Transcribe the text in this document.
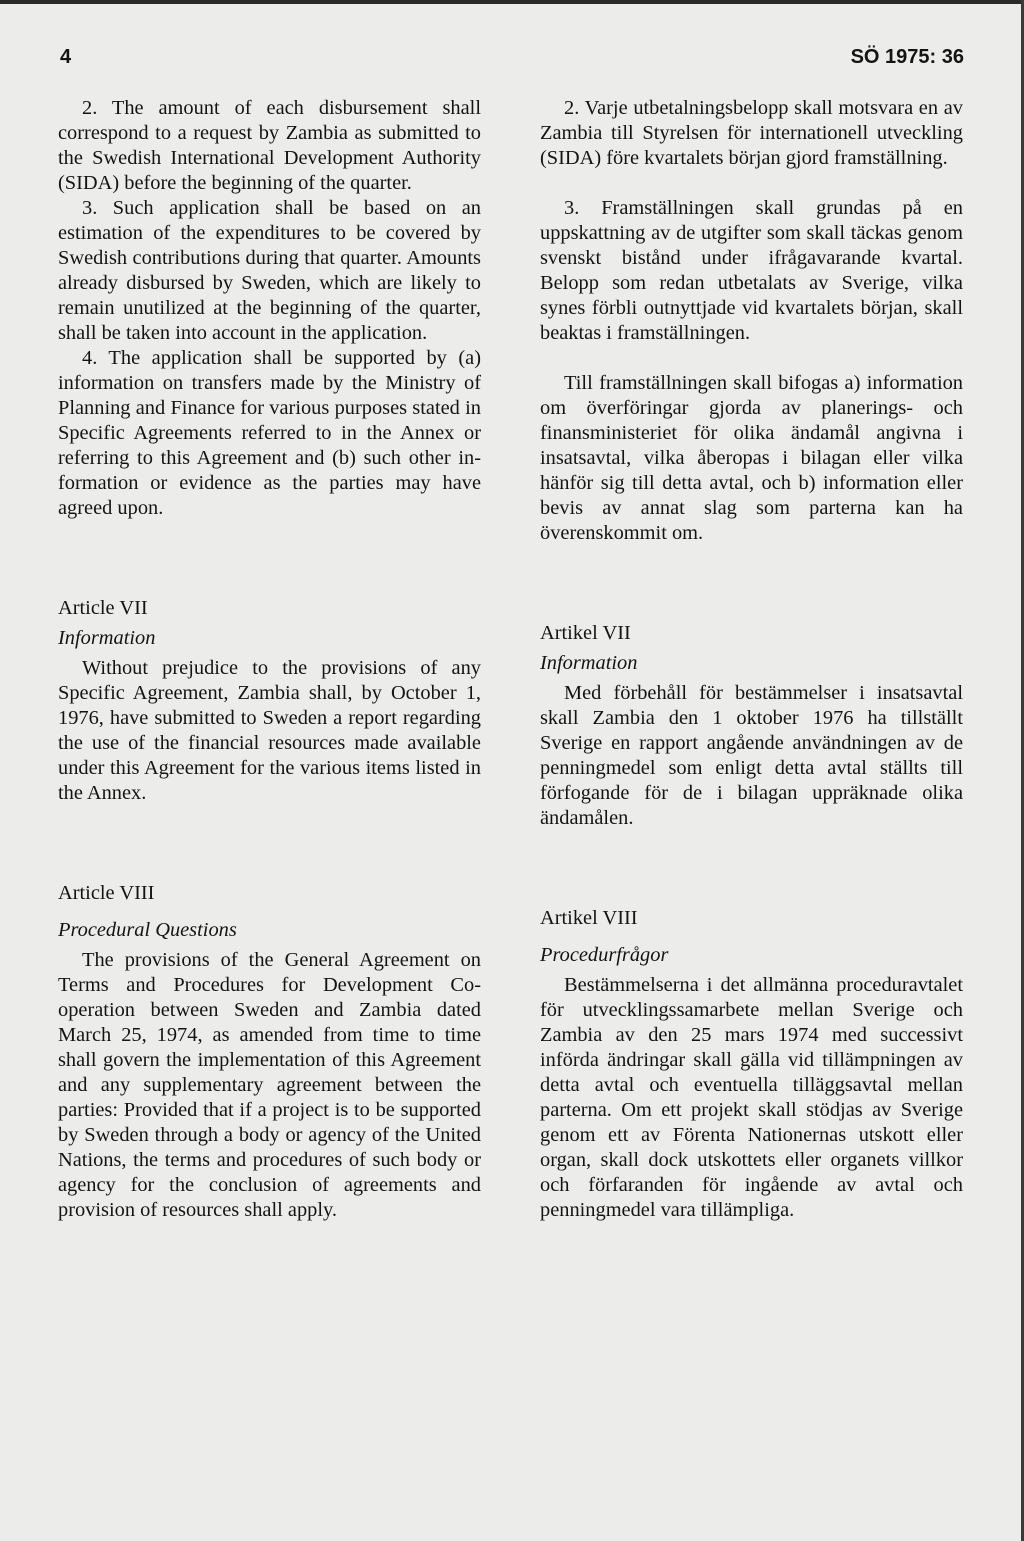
4	SÖ 1975: 36

2. The amount of each disbursement shall correspond to a request by Zambia as submitted to the Swedish International Development Authority (SIDA) before the beginning of the quarter.

3. Such application shall be based on an estimation of the expenditures to be covered by Swedish contributions during that quarter. Amounts already disbursed by Sweden, which are likely to remain unutilized at the beginning of the quarter, shall be taken into account in the application.

4. The application shall be supported by (a) information on transfers made by the Ministry of Planning and Finance for various purposes stated in Specific Agreements referred to in the Annex or referring to this Agreement and (b) such other information or evidence as the parties may have agreed upon.

Article VII

Information

Without prejudice to the provisions of any Specific Agreement, Zambia shall, by October 1, 1976, have submitted to Sweden a report regarding the use of the financial resources made available under this Agreement for the various items listed in the Annex.

Article VIII

Procedural Questions

The provisions of the General Agreement on Terms and Procedures for Development Co-operation between Sweden and Zambia dated March 25, 1974, as amended from time to time shall govern the implementation of this Agreement and any supplementary agreement between the parties: Provided that if a project is to be supported by Sweden through a body or agency of the United Nations, the terms and procedures of such body or agency for the conclusion of agreements and provision of resources shall apply.

2. Varje utbetalningsbelopp skall motsvara en av Zambia till Styrelsen för internationell utveckling (SIDA) före kvartalets början gjord framställning.

3. Framställningen skall grundas på en uppskattning av de utgifter som skall täckas genom svenskt bistånd under ifrågavarande kvartal. Belopp som redan utbetalats av Sverige, vilka synes förbli outnyttjade vid kvartalets början, skall beaktas i framställningen.

Till framställningen skall bifogas a) information om överföringar gjorda av planerings- och finansministeriet för olika ändamål angivna i insatsavtal, vilka åberopas i bilagan eller vilka hänför sig till detta avtal, och b) information eller bevis av annat slag som parterna kan ha överenskommit om.

Artikel VII

Information

Med förbehåll för bestämmelser i insatsavtal skall Zambia den 1 oktober 1976 ha tillställt Sverige en rapport angående användningen av de penningmedel som enligt detta avtal ställts till förfogande för de i bilagan uppräknade olika ändamålen.

Artikel VIII

Procedurfrågor

Bestämmelserna i det allmänna proceduravtalet för utvecklingssamarbete mellan Sverige och Zambia av den 25 mars 1974 med successivt införda ändringar skall gälla vid tillämpningen av detta avtal och eventuella tilläggsavtal mellan parterna. Om ett projekt skall stödjas av Sverige genom ett av Förenta Nationernas utskott eller organ, skall dock utskottets eller organets villkor och förfaranden för ingående av avtal och penningmedel vara tillämpliga.
